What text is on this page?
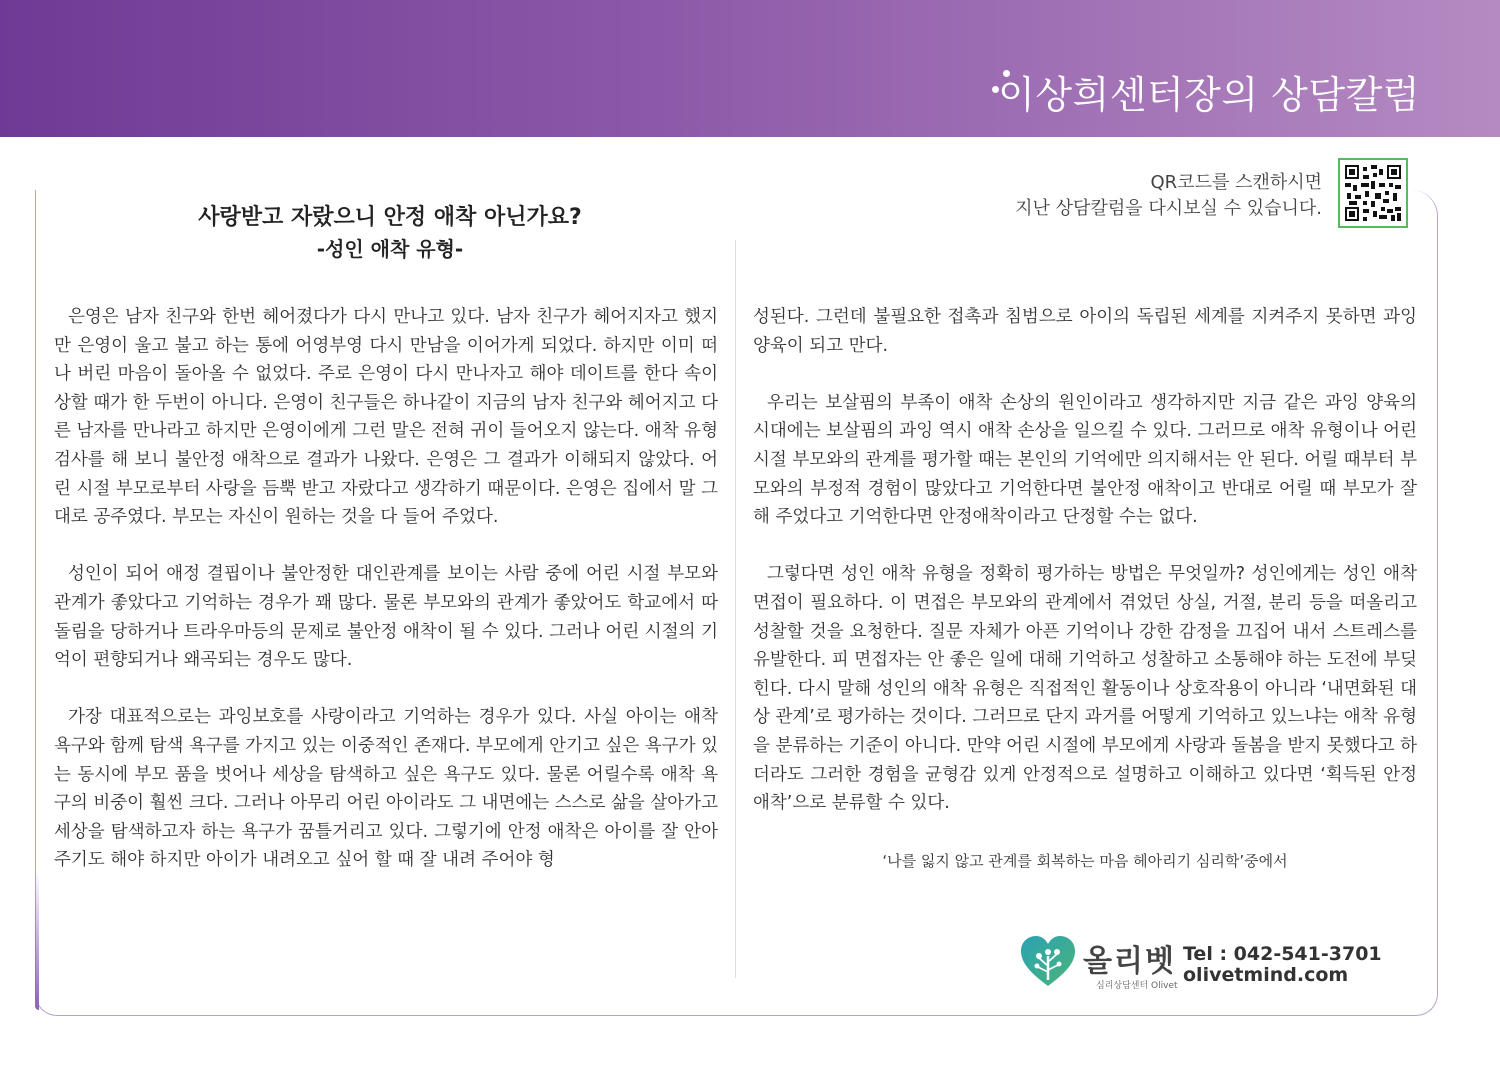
이상희센터장의 상담칼럼
QR코드를 스캔하시면
지난 상담칼럼을 다시보실 수 있습니다.
사랑받고 자랐으니 안정 애착 아닌가요?
-성인 애착 유형-

은영은 남자 친구와 한번 헤어졌다가 다시 만나고 있다. 남자 친구가 헤어지자고 했지만 은영이 울고 불고 하는 통에 어영부영 다시 만남을 이어가게 되었다. 하지만 이미 떠나 버린 마음이 돌아올 수 없었다. 주로 은영이 다시 만나자고 해야 데이트를 한다 속이 상할 때가 한 두번이 아니다. 은영이 친구들은 하나같이 지금의 남자 친구와 헤어지고 다른 남자를 만나라고 하지만 은영이에게 그런 말은 전혀 귀이 들어오지 않는다. 애착 유형 검사를 해 보니 불안정 애착으로 결과가 나왔다. 은영은 그 결과가 이해되지 않았다. 어린 시절 부모로부터 사랑을 듬뿍 받고 자랐다고 생각하기 때문이다. 은영은 집에서 말 그대로 공주였다. 부모는 자신이 원하는 것을 다 들어 주었다.

성인이 되어 애정 결핍이나 불안정한 대인관계를 보이는 사람 중에 어린 시절 부모와 관계가 좋았다고 기억하는 경우가 꽤 많다. 물론 부모와의 관계가 좋았어도 학교에서 따돌림을 당하거나 트라우마등의 문제로 불안정 애착이 될 수 있다. 그러나 어린 시절의 기억이 편향되거나 왜곡되는 경우도 많다.

가장 대표적으로는 과잉보호를 사랑이라고 기억하는 경우가 있다. 사실 아이는 애착 욕구와 함께 탐색 욕구를 가지고 있는 이중적인 존재다. 부모에게 안기고 싶은 욕구가 있는 동시에 부모 품을 벗어나 세상을 탐색하고 싶은 욕구도 있다. 물론 어릴수록 애착 욕구의 비중이 훨씬 크다. 그러나 아무리 어린 아이라도 그 내면에는 스스로 삶을 살아가고 세상을 탐색하고자 하는 욕구가 꿈틀거리고 있다. 그렇기에 안정 애착은 아이를 잘 안아주기도 해야 하지만 아이가 내려오고 싶어 할 때 잘 내려 주어야 형

성된다. 그런데 불필요한 접촉과 침범으로 아이의 독립된 세계를 지켜주지 못하면 과잉 양육이 되고 만다.

우리는 보살핌의 부족이 애착 손상의 원인이라고 생각하지만 지금 같은 과잉 양육의 시대에는 보살핌의 과잉 역시 애착 손상을 일으킬 수 있다. 그러므로 애착 유형이나 어린 시절 부모와의 관계를 평가할 때는 본인의 기억에만 의지해서는 안 된다. 어릴 때부터 부모와의 부정적 경험이 많았다고 기억한다면 불안정 애착이고 반대로 어릴 때 부모가 잘해 주었다고 기억한다면 안정애착이라고 단정할 수는 없다.

그렇다면 성인 애착 유형을 정확히 평가하는 방법은 무엇일까? 성인에게는 성인 애착 면접이 필요하다. 이 면접은 부모와의 관계에서 겪었던 상실, 거절, 분리 등을 떠올리고 성찰할 것을 요청한다. 질문 자체가 아픈 기억이나 강한 감정을 끄집어 내서 스트레스를 유발한다. 피 면접자는 안 좋은 일에 대해 기억하고 성찰하고 소통해야 하는 도전에 부딪힌다. 다시 말해 성인의 애착 유형은 직접적인 활동이나 상호작용이 아니라 ‘내면화된 대상 관계’로 평가하는 것이다. 그러므로 단지 과거를 어떻게 기억하고 있느냐는 애착 유형을 분류하는 기준이 아니다. 만약 어린 시절에 부모에게 사랑과 돌봄을 받지 못했다고 하더라도 그러한 경험을 균형감 있게 안정적으로 설명하고 이해하고 있다면 ‘획득된 안정 애착’으로 분류할 수 있다.

‘나를 잃지 않고 관계를 회복하는 마음 헤아리기 심리학’중에서
올리벳
심리상담센터 Olivet
Tel : 042-541-3701
olivetmind.com
